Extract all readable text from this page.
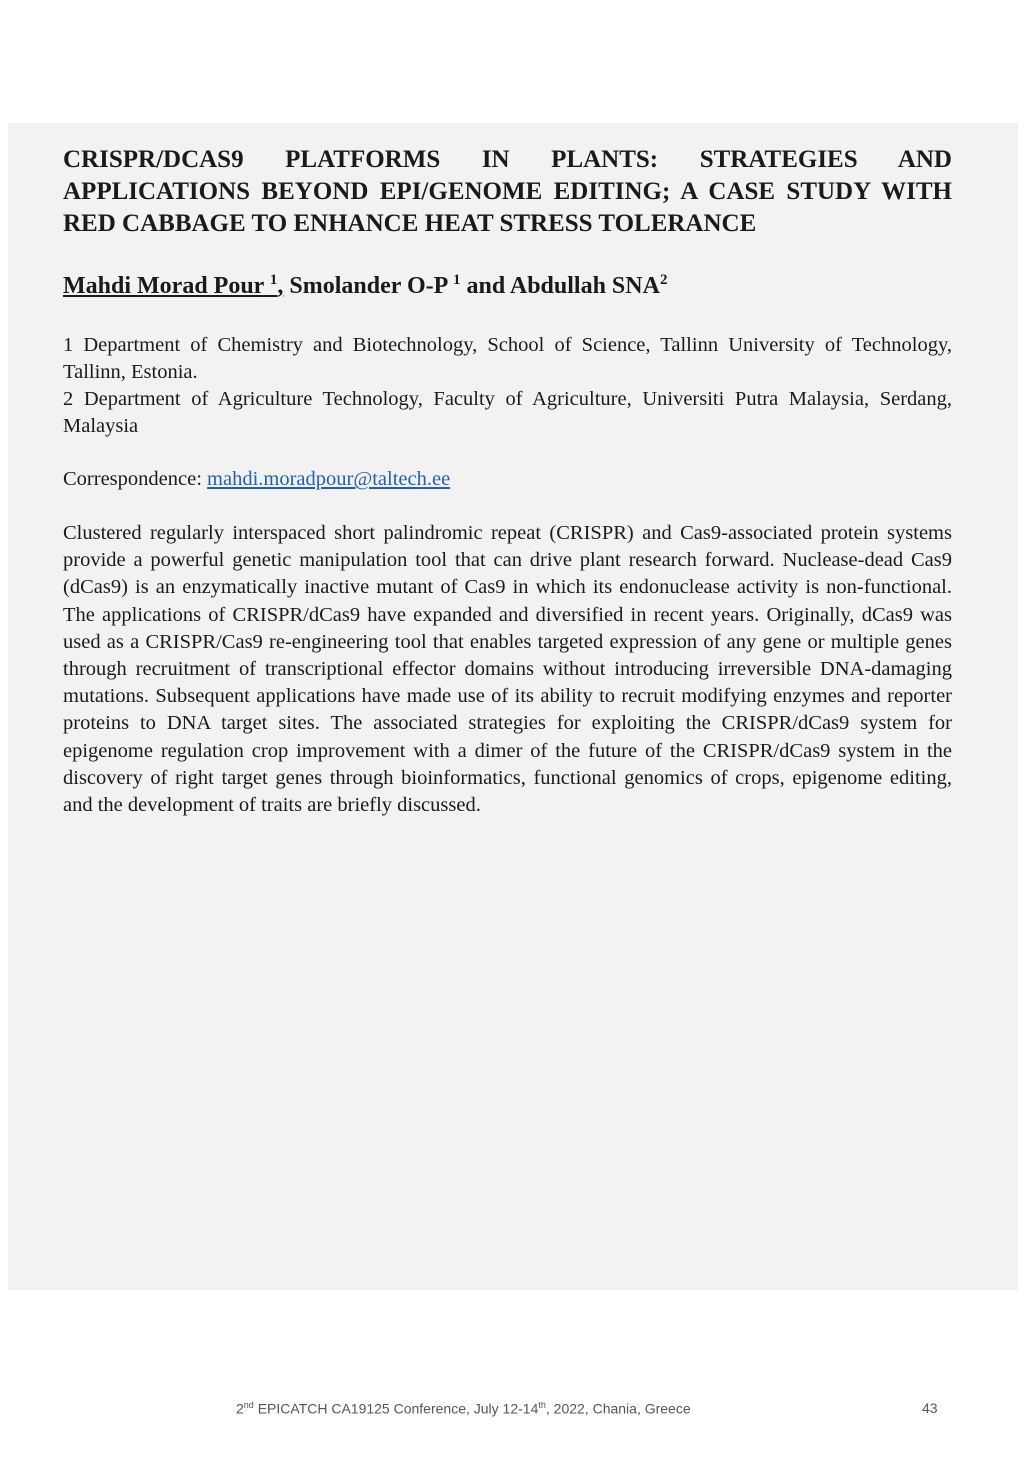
CRISPR/DCAS9 PLATFORMS IN PLANTS: STRATEGIES AND APPLICATIONS BEYOND EPI/GENOME EDITING; A CASE STUDY WITH RED CABBAGE TO ENHANCE HEAT STRESS TOLERANCE
Mahdi Morad Pour $^1$, Smolander O-P $^1$ and Abdullah SNA$^2$

1 Department of Chemistry and Biotechnology, School of Science, Tallinn University of Technology, Tallinn, Estonia.

2 Department of Agriculture Technology, Faculty of Agriculture, Universiti Putra Malaysia, Serdang, Malaysia

Correspondence: mahdi.moradpour@taltech.ee

Clustered regularly interspaced short palindromic repeat (CRISPR) and Cas9-associated protein systems provide a powerful genetic manipulation tool that can drive plant research forward. Nuclease-dead Cas9 (dCas9) is an enzymatically inactive mutant of Cas9 in which its endonuclease activity is non-functional. The applications of CRISPR/dCas9 have expanded and diversified in recent years. Originally, dCas9 was used as a CRISPR/Cas9 re-engineering tool that enables targeted expression of any gene or multiple genes through recruitment of transcriptional effector domains without introducing irreversible DNA-damaging mutations. Subsequent applications have made use of its ability to recruit modifying enzymes and reporter proteins to DNA target sites. The associated strategies for exploiting the CRISPR/dCas9 system for epigenome regulation crop improvement with a dimer of the future of the CRISPR/dCas9 system in the discovery of right target genes through bioinformatics, functional genomics of crops, epigenome editing, and the development of traits are briefly discussed.

2nd EPICATCH CA19125 Conference, July 12-14th, 2022, Chania, Greece	43
